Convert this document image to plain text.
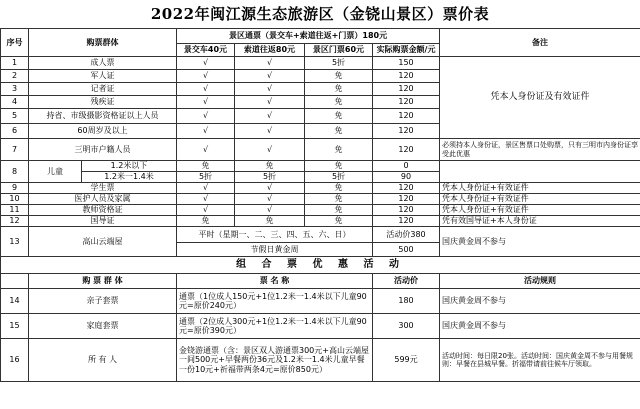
2022年闽江源生态旅游区（金铙山景区）票价表
序号	购票群体		景区通票（景交车+索道往返+门票）180元				备注
			景交车40元	索道往返80元	景区门票60元	实际购票金额/元	
1	成人票		√	√	5折	150	凭本人身份证及有效证件
2	军人证		√	√	免	120	
3	记者证		√	√	免	120	
4	残疾证		√	√	免	120	
5	持省、市级摄影资格证以上人员		√	√	免	120	
6	60周岁及以上		√	√	免	120	
7	三明市户籍人员		√	√	免	120	必须持本人身份证，景区售票口处购票，只有三明市内身份证享受此优惠
8	儿童	1.2米以下	免	免	免	0	
		1.2米一1.4米	5折	5折	5折	90	
9	学生票		√	√	免	120	凭本人身份证+有效证件
10	医护人员及家属		√	√	免	120	凭本人身份证+有效证件
11	教师资格证		√	√	免	120	凭本人身份证+有效证件
12	国导证		免	免	免	120	凭有效国导证+本人身份证
13	高山云端屋		平时（星期一、二、三、四、五、六、日）			活动价380	国庆黄金周不参与
			节假日黄金周			500	
组 合 票 优 惠 活 动							
	购 票 群 体		票 名 称			活动价	活动规则
14	亲子套票		通票（1位成人150元+1位1.2米一1.4米以下儿童90元=原价240元）			180	国庆黄金周不参与
15	家庭套票		通票（2位成人300元+1位1.2米一1.4米以下儿童90元=原价390元）			300	国庆黄金周不参与
16	所 有 人		金铙游通票（含：景区双人游通票300元+高山云端屋一间500元+早餐两份36元及1.2米一1.4米儿童早餐一份10元+祈福带两条4元=原价850元）			599元	活动时间：每日限20张。活动时间：国庆黄金周不参与用餐规则：早餐在县城早餐。折福带请前往候车厅领取。
